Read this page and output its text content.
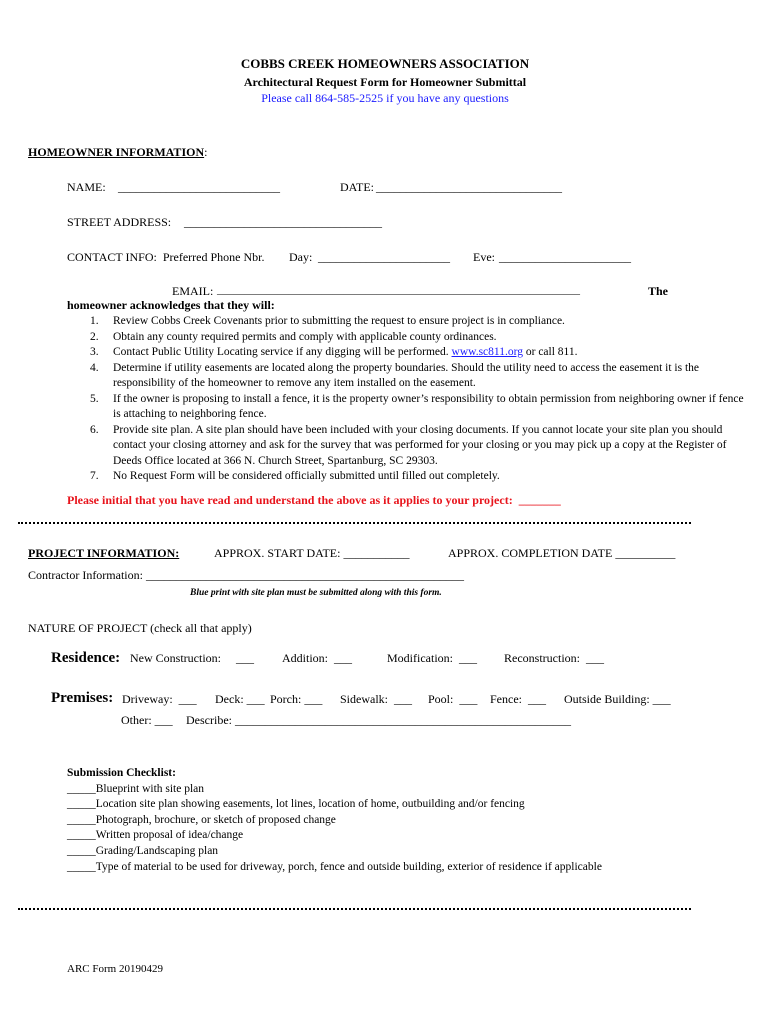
COBBS CREEK HOMEOWNERS ASSOCIATION
Architectural Request Form for Homeowner Submittal
Please call 864-585-2525 if you have any questions
HOMEOWNER INFORMATION:
NAME: ___________________________	DATE: _______________________________
STREET ADDRESS: _________________________________
CONTACT INFO:  Preferred Phone Nbr. Day: ______________________ Eve: ______________________
EMAIL: __________________________________________________________________	The
homeowner acknowledges that they will:
1. Review Cobbs Creek Covenants prior to submitting the request to ensure project is in compliance.
2. Obtain any county required permits and comply with applicable county ordinances.
3. Contact Public Utility Locating service if any digging will be performed. www.sc811.org or call 811.
4. Determine if utility easements are located along the property boundaries. Should the utility need to access the easement it is the responsibility of the homeowner to remove any item installed on the easement.
5. If the owner is proposing to install a fence, it is the property owner’s responsibility to obtain permission from neighboring owner if fence is attaching to neighboring fence.
6. Provide site plan. A site plan should have been included with your closing documents. If you cannot locate your site plan you should contact your closing attorney and ask for the survey that was performed for your closing or you may pick up a copy at the Register of Deeds Office located at 366 N. Church Street, Spartanburg, SC 29303.
7. No Request Form will be considered officially submitted until filled out completely.
Please initial that you have read and understand the above as it applies to your project:  _______
PROJECT INFORMATION:	APPROX. START DATE: ___________	APPROX. COMPLETION DATE __________
Contractor Information: _____________________________________________________
Blue print with site plan must be submitted along with this form.
NATURE OF PROJECT (check all that apply)
Residence: New Construction:     ___ Addition:  ___	Modification:  ___ Reconstruction:  ___
Premises: Driveway:  ___ Deck: ___ Porch: ___ Sidewalk:  ___ Pool:  ___ Fence:  ___ Outside Building: ___
Other: ___ Describe: ________________________________________________________
Submission Checklist:
_____Blueprint with site plan
_____Location site plan showing easements, lot lines, location of home, outbuilding and/or fencing
_____Photograph, brochure, or sketch of proposed change
_____Written proposal of idea/change
_____Grading/Landscaping plan
_____Type of material to be used for driveway, porch, fence and outside building, exterior of residence if applicable
ARC Form 20190429
